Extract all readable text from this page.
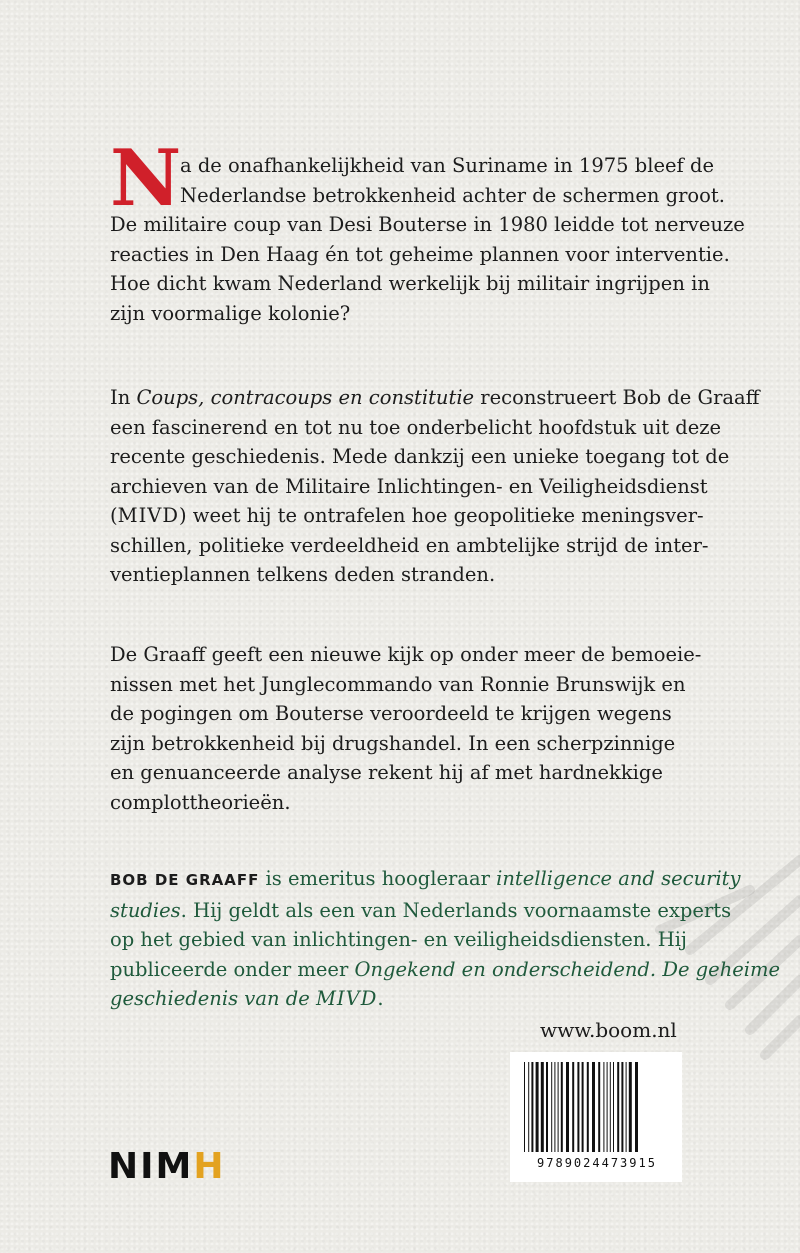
N
a de onafhankelijkheid van Suriname in 1975 bleef de
Nederlandse betrokkenheid achter de schermen groot.
De militaire coup van Desi Bouterse in 1980 leidde tot nerveuze
reacties in Den Haag én tot geheime plannen voor interventie.
Hoe dicht kwam Nederland werkelijk bij militair ingrijpen in
zijn voormalige kolonie?
In Coups, contracoups en constitutie reconstrueert Bob de Graaff
een fascinerend en tot nu toe onderbelicht hoofdstuk uit deze
recente geschiedenis. Mede dankzij een unieke toegang tot de
archieven van de Militaire Inlichtingen- en Veiligheidsdienst
(MIVD) weet hij te ontrafelen hoe geopolitieke meningsver-
schillen, politieke verdeeldheid en ambtelijke strijd de inter-
ventieplannen telkens deden stranden.
De Graaff geeft een nieuwe kijk op onder meer de bemoeie-
nissen met het Junglecommando van Ronnie Brunswijk en
de pogingen om Bouterse veroordeeld te krijgen wegens
zijn betrokkenheid bij drugshandel. In een scherpzinnige
en genuanceerde analyse rekent hij af met hardnekkige
complottheorieën.
BOB DE GRAAFF is emeritus hoogleraar intelligence and security
studies. Hij geldt als een van Nederlands voornaamste experts
op het gebied van inlichtingen- en veiligheidsdiensten. Hij
publiceerde onder meer Ongekend en onderscheidend. De geheime
geschiedenis van de MIVD.
www.boom.nl
9789024473915
NIMH
